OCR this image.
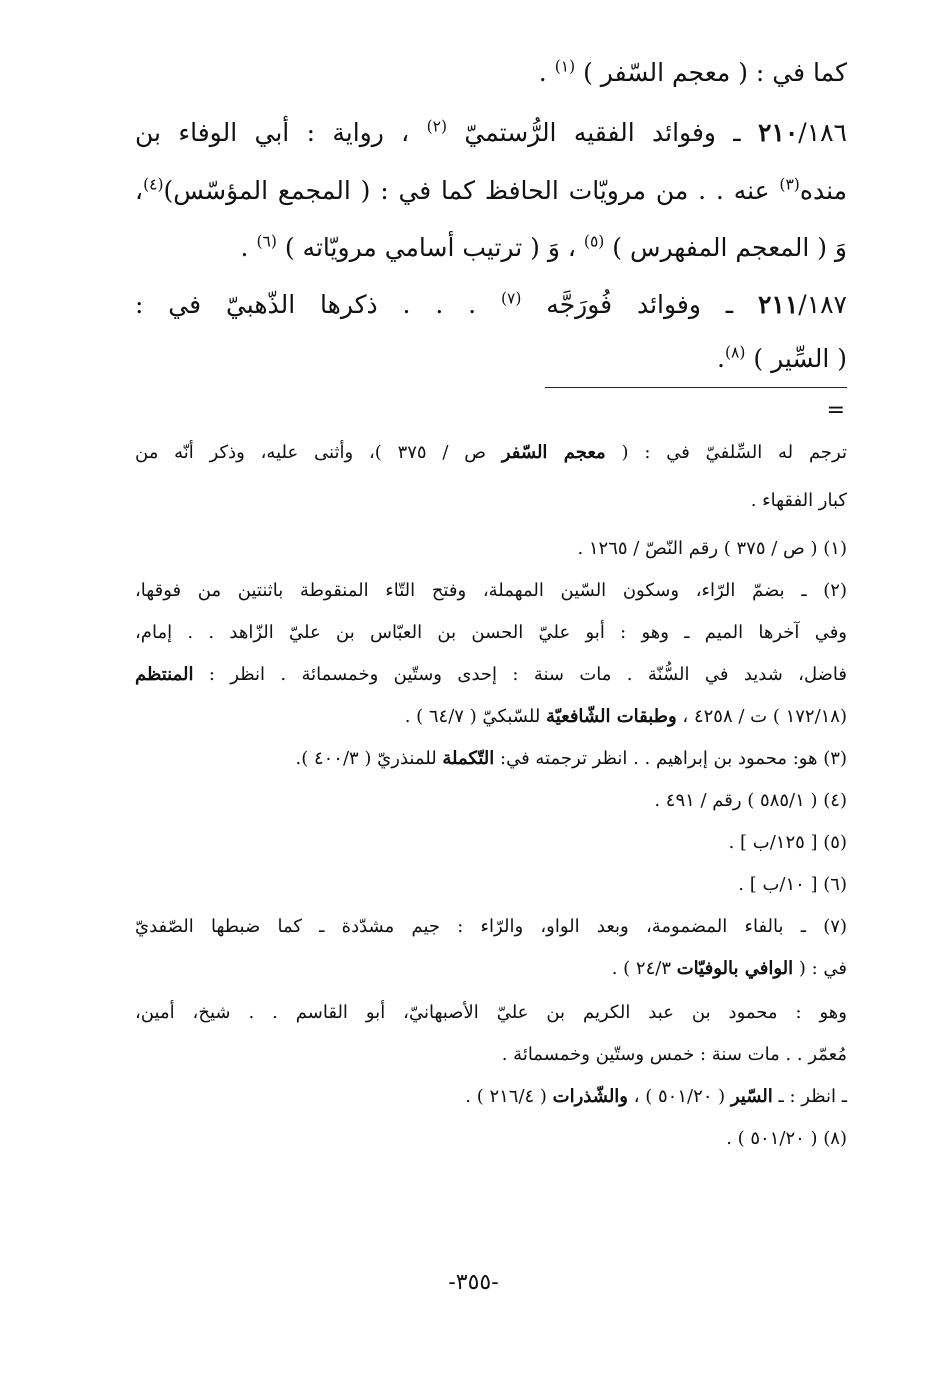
كما في : ( معجم السّفر ) $^{(١)}$ .
٢١٠/١٨٦ ـ وفوائد الفقيه الرُّستميّ $^{(٢)}$ ، رواية : أبي الوفاء بن
منده$^{(٣)}$ عنه . . من مرويّات الحافظ كما في : ( المجمع المؤسّس)$^{(٤)}$،
وَ ( المعجم المفهرس ) $^{(٥)}$ ، وَ ( ترتيب أسامي مرويّاته ) $^{(٦)}$ .
٢١١/١٨٧ ـ وفوائد فُورَجَّه $^{(٧)}$ . . . ذكرها الذّهبيّ في :
( السِّير ) $^{(٨)}$.
=
ترجم له السِّلفيّ في : ( معجم السّفر ص / ٣٧٥ )، وأثنى عليه، وذكر أنّه من
كبار الفقهاء .
(١) ( ص / ٣٧٥ ) رقم النّصّ / ١٢٦٥ .
(٢) ـ بضمّ الرّاء، وسكون السّين المهملة، وفتح التّاء المنقوطة باثنتين من فوقها،
وفي آخرها الميم ـ وهو : أبو عليّ الحسن بن العبّاس بن عليّ الزّاهد . . إمام،
فاضل، شديد في السُّنّة . مات سنة : إحدى وستّين وخمسمائة . انظر : المنتظم
(١٧٢/١٨ ) ت / ٤٢٥٨ ، وطبقات الشّافعيّة للسّبكيّ ( ٦٤/٧ ) .
(٣) هو: محمود بن إبراهيم . . انظر ترجمته في: التّكملة للمنذريّ ( ٤٠٠/٣ ).
(٤) ( ٥٨٥/١ ) رقم / ٤٩١ .
(٥) [ ١٢٥/ب ] .
(٦) [ ١٠/ب ] .
(٧) ـ بالفاء المضمومة، وبعد الواو، والرّاء : جيم مشدّدة ـ كما ضبطها الصّفديّ
في : ( الوافي بالوفيّات ٢٤/٣ ) .
وهو : محمود بن عبد الكريم بن عليّ الأصبهانيّ، أبو القاسم . . شيخ، أمين،
مُعمّر . . مات سنة : خمس وستّين وخمسمائة .
ـ انظر : ـ السّير ( ٥٠١/٢٠ ) ، والشّذرات ( ٢١٦/٤ ) .
(٨) ( ٥٠١/٢٠ ) .
-٣٥٥-
